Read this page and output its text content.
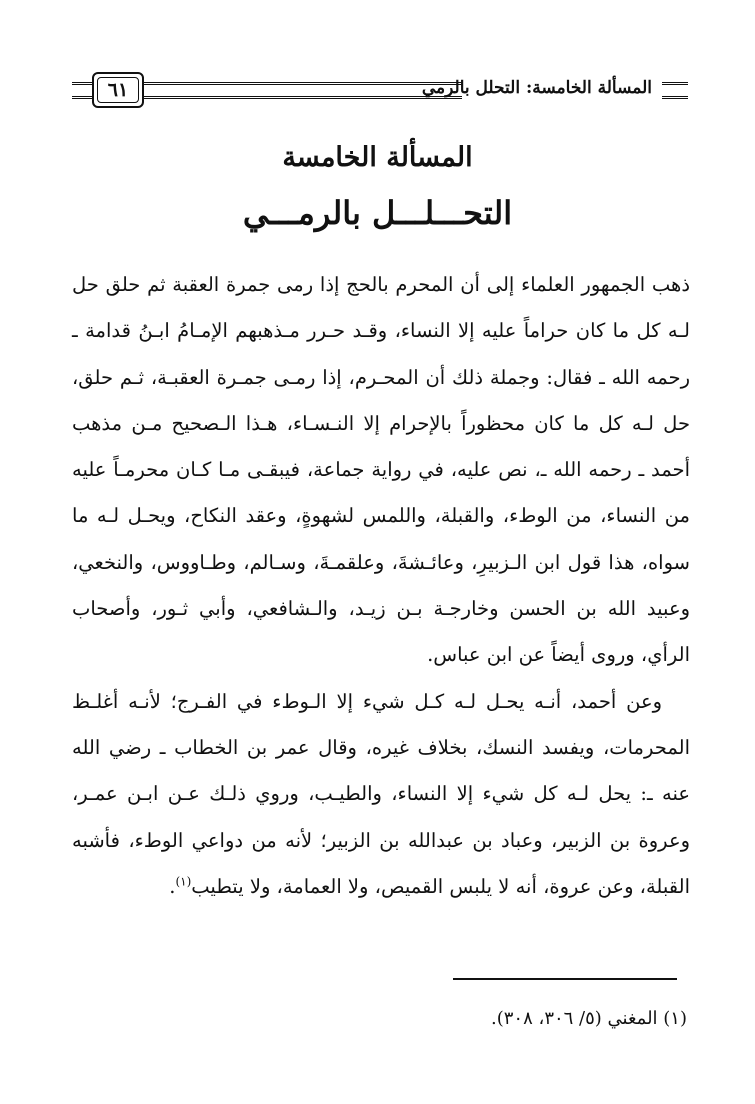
٦١	المسألة الخامسة: التحلل بالرمي
المسألة الخامسة
التحـــلـــل بالرمـــي

ذهب الجمهور العلماء إلى أن المحرم بالحج إذا رمى جمرة العقبة ثم حلق حل لـه كل ما كان حراماً عليه إلا النساء، وقـد حـرر مـذهبهم الإمـامُ ابـنُ قدامة ـ رحمه الله ـ فقال: وجملة ذلك أن المحـرم، إذا رمـى جمـرة العقبـة، ثـم حلق، حل لـه كل ما كان محظوراً بالإحرام إلا النـسـاء، هـذا الـصحيح مـن مذهب أحمد ـ رحمه الله ـ، نص عليه، في رواية جماعة، فيبقـى مـا كـان محرمـاً عليه من النساء، من الوطء، والقبلة، واللمس لشهوةٍ، وعقد النكاح، ويحـل لـه ما سواه، هذا قول ابن الـزبيرِ، وعائـشةَ، وعلقمـةَ، وسـالم، وطـاووس، والنخعي، وعبيد الله بن الحسن وخارجـة بـن زيـد، والـشافعي، وأبي ثـور، وأصحاب الرأي، وروى أيضاً عن ابن عباس.

وعن أحمد، أنـه يحـل لـه كـل شيء إلا الـوطء في الفـرج؛ لأنـه أغلـظ المحرمات، ويفسد النسك، بخلاف غيره، وقال عمر بن الخطاب ـ رضي الله عنه ـ: يحل لـه كل شيء إلا النساء، والطيـب، وروي ذلـك عـن ابـن عمـر، وعروة بن الزبير، وعباد بن عبدالله بن الزبير؛ لأنه من دواعي الوطء، فأشبه القبلة، وعن عروة، أنه لا يلبس القميص، ولا العمامة، ولا يتطيب$^{(١)}$.

(١) المغني (٥/ ٣٠٦، ٣٠٨).
